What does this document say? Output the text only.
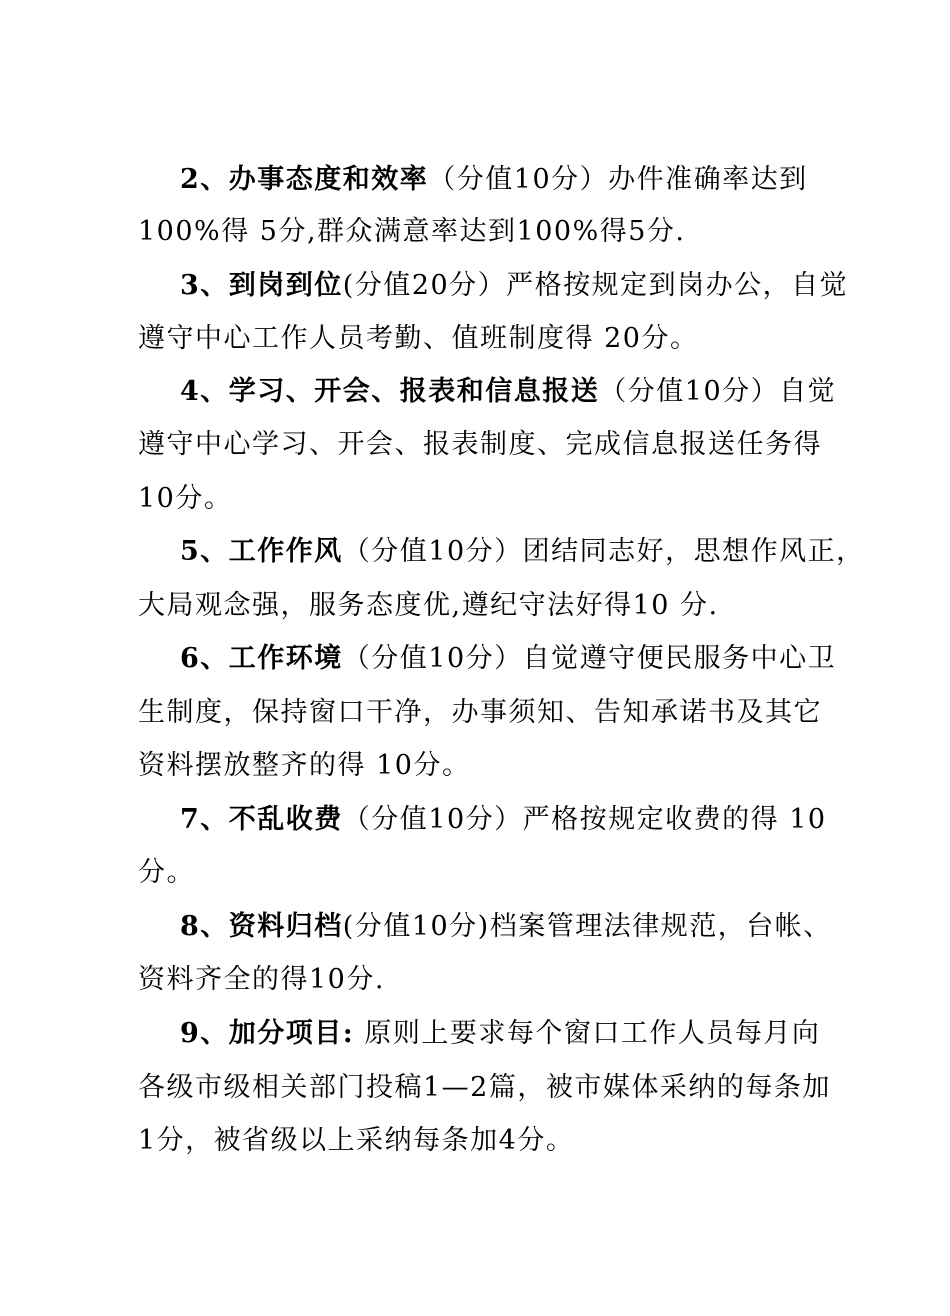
2、办事态度和效率（分值10分）办件准确率达到
100%得 5分,群众满意率达到100%得5分.
3、到岗到位(分值20分）严格按规定到岗办公，自觉
遵守中心工作人员考勤、值班制度得 20分。
4、学习、开会、报表和信息报送（分值10分）自觉
遵守中心学习、开会、报表制度、完成信息报送任务得
10分。
5、工作作风（分值10分）团结同志好，思想作风正，
大局观念强，服务态度优,遵纪守法好得10 分.
6、工作环境（分值10分）自觉遵守便民服务中心卫
生制度，保持窗口干净，办事须知、告知承诺书及其它
资料摆放整齐的得 10分。
7、不乱收费（分值10分）严格按规定收费的得 10
分。
8、资料归档(分值10分)档案管理法律规范，台帐、
资料齐全的得10分.
9、加分项目: 原则上要求每个窗口工作人员每月向
各级市级相关部门投稿1—2篇，被市媒体采纳的每条加
1分，被省级以上采纳每条加4分。
